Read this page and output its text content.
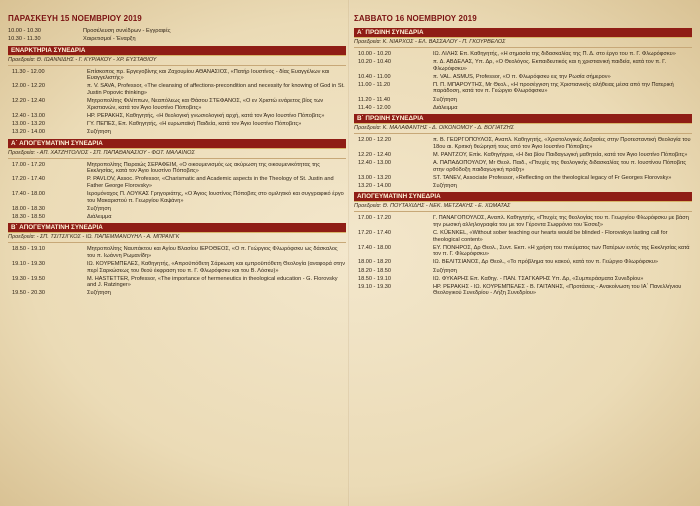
ΠΑΡΑΣΚΕΥΗ 15 ΝΟΕΜΒΡΙΟΥ 2019
10.00 - 10.30	Προσέλευση συνέδρων - Εγγραφές
10.30 - 11.30	Χαιρετισμοί - Έναρξη
ΕΝΑΡΚΤΗΡΙΑ ΣΥΝΕΔΡΙΑ
Προεδρεία: Θ. ΙΩΑΝΝΙΔΗΣ - Γ. ΚΥΡΙΑΚΟΥ - ΧΡ. ΕΥΣΤΑΘΙΟΥ
11.30 - 12.00	Επίσκοπος πρ. Εργεγοβίνης και Ζαχουμίου ΑΘΑΝΑΣΙΟΣ, «Πατήρ Ιουστίνος - δίας Ευαγγέλιων και Ευαγγελιστής»
12.00 - 12.20	π. V. SAVA, Professor, «The cleansing of affections-precondition and necessity for knowing of God in St. Justin Popovic thinking»
12.20 - 12.40	Μητροπολίτης Φιλίππων, Νεαπόλεως και Θάσου ΣΤΕΦΑΝΟΣ, «Ο εν Χριστώ ενάρετος βίος των Χριστιανών, κατά τον Άγιο Ιουστίνο Πόποβιτς»
12.40 - 13.00	ΗΡ. ΡΕΡΑΚΗΣ, Καθηγητής, «Η θεολογική γνωσιολογική αρχή, κατά τον Άγιο Ιουστίνο Πόποβιτς»
13.00 - 13.20	ΓΥ. ΠΕΠΕΣ, Επ. Καθηγητής, «Η ευρωπαϊκή Παιδεία, κατά τον Άγιο Ιουστίνο Πόποβιτς»
13.20 - 14.00	Συζήτηση
Α΄ ΑΠΟΓΕΥΜΑΤΙΝΗ ΣΥΝΕΔΡΙΑ
Προεδρεία: - ΑΠ. ΧΑΤΖΗΤΟΛΙΟΣ - ΣΠ. ΠΑΠΑΘΑΝΑΣΙΟΥ - ΦΩΤ. ΜΑΛΑΙΝΟΣ
17.00 - 17.20	Μητροπολίτης Πειραιώς ΣΕΡΑΦΕΙΜ, «Ο οικουμενισμός ως ακύρωση της οικουμενικότητας της Εκκλησίας, κατά τον Άγιο Ιουστίνο Πόποβιτς»
17.20 - 17.40	P. PAVLOV, Assoc. Professor, «Charismatic and Academic aspects in the Theology of St. Justin and Father George Florovsky»
17.40 - 18.00	Ιερομόναχος Π. ΛΟΥΚΑΣ Γρηγοριάτης, «Ο Άγιος Ιουστίνος Πόποβιτς στο ομιλητικό και συγγραφικό έργο του Μακαριστού π. Γεωργίου Καψάνη»
18.00 - 18.30	Συζήτηση
18.30 - 18.50	Διάλειμμα
Β΄ ΑΠΟΓΕΥΜΑΤΙΝΗ ΣΥΝΕΔΡΙΑ
Προεδρεία: - ΣΠ. ΤΣΙΤΣΙΓΚΟΣ - ΙΩ. ΠΑΠΕΜΜΑΝΟΥΗΛ - Α. ΜΠΡΑΝΓΚ
18.50 - 19.10	Μητροπολίτης Ναυπάκτου και Αγίου Βλασίου ΙΕΡΟΘΕΟΣ, «Ο π. Γεώργιος Φλωρόφσκυ ως δάσκαλος του π. Ιωάννη Ρωμανίδη»
19.10 - 19.30	ΙΩ. ΚΟΥΡΕΜΠΕΛΕΣ, Καθηγητής, «Απροϋπόθετη Σάρκωση και εμπροϋπόθετη Θεολογία (αναφορά στην περί Σαρκώσεως του θεού έκφραση του π. Γ. Φλωρόφσκυ και του Β. Λόσκυ)»
19.30 - 19.50	M. HASTETTER, Professor, «The importance of hermeneutics in theological education - G. Florovsky and J. Ratzinger»
19.50 - 20.30	Συζήτηση
ΣΑΒΒΑΤΟ 16 ΝΟΕΜΒΡΙΟΥ 2019
Α΄ ΠΡΩΙΝΗ ΣΥΝΕΔΡΙΑ
Προεδρεία: Κ. ΝΙΑΡΧΟΣ - ΕΛ. ΒΑΣΣΑΛΟΥ - Π. ΓΚΟΥΡΒΕΛΟΣ
10.00 - 10.20	ΙΩ. ΛΙΛΗΣ Επ. Καθηγητής, «Η σημασία της διδασκαλίας της Π. Δ. στο έργο του π. Γ. Φλωρόφσκυ»
10.20 - 10.40	π. Δ. ΑΒΔΕΛΑΣ, Υπ. Δρ, «Ο Θεολόγος. Εκπαιδευτικός και η χριστιανική παιδεία, κατά τον π. Γ. Φλωρόφσκυ»
10.40 - 11.00	π. VAL. ASMUS, Professor, «Ο π. Φλωρόφσκυ εις την Ρωσία σήμερον»
11.00 - 11.20	Π. Π. ΜΠΑΡΟΥΤΗΣ, Μr Θεολ., «Η προσέγγιση της Χριστιανικής αλήθειας μέσα από την Πατερική παράδοση, κατά τον π. Γεώργιο Φλωρόφσκυ»
11.20 - 11.40	Συζήτηση
11.40 - 12.00	Διάλειμμα
Β΄ ΠΡΩΙΝΗ ΣΥΝΕΔΡΙΑ
Προεδρεία: Κ. ΜΑΛΑΦΑΝΤΗΣ - Δ. ΟΙΚΟΝΟΜΟΥ - Δ. ΒΟΓΙΑΤΖΗΣ
12.00 - 12.20	π. Β. ΓΕΩΡΓΟΠΟΥΛΟΣ, Αναπλ. Καθηγητής, «Χριστολογικές Δοξασίες στην Προτεσταντική Θεολογία του 18ου αι. Κριτική θεώρησή τους από τον Άγιο Ιουστίνο Πόποβιτς»
12.20 - 12.40	Μ. PANTZOY, Επίκ. Καθηγήτρια, «Η δια βίου Παιδαγωγική μαθητεία, κατά τον Άγιο Ιουστίνο Πόποβιτς»
12.40 - 13.00	Α. ΠΑΠΑΔΟΠΟΥΛΟΥ, Μr Θεολ. Παιδ., «Πτυχές της θεολογικής διδασκαλίας του π. Ιουστίνου Πόποβιτς στην ορθόδοξη παιδαγωγική πράξη»
13.00 - 13.20	ST. TANEV, Associate Professor, «Reflecting on the theological legacy of Fr Georges Florovsky»
13.20 - 14.00	Συζήτηση
ΑΠΟΓΕΥΜΑΤΙΝΗ ΣΥΝΕΔΡΙΑ
Προεδρεία: Θ. ΠΟΥΤΑΧΙΔΗΣ - ΝΕΚ. ΜΕΤΖΑΚΗΣ - Ε. ΧΩΜΑΤΑΣ
17.00 - 17.20	Γ. ΠΑΝΑΓΟΠΟΥΛΟΣ, Αναπλ. Καθηγητής, «Πτυχές της θεολογίας του π. Γεωργίου Φλωρόφσκυ με βάση την ρωσική αλληλογραφία του με τον Γέροντα Σωφρόνιο του Έσσεξ»
17.20 - 17.40	C. KÜENKEL, «Without sober teaching our hearts would be blinded - Florovskys lasting call for theological content»
17.40 - 18.00	ΕΥ. ΠΟΝΗΡΟΣ, Δρ Θεολ., Συντ. Εκπ. «Η χρήση του πνεύματος των Πατέρων εντός της Εκκλησίας κατά τον π. Γ. Φλωρόφσκυ»
18.00 - 18.20	ΙΩ. ΒΕΛΙΤΣΙΑΝΟΣ, Δρ Θεολ., «Το πρόβλημα του κακού, κατά τον π. Γεώργιο Φλωρόφσκυ»
18.20 - 18.50	Συζήτηση
18.50 - 19.10	ΙΩ. ΦΥΚΑΡΗΣ Επ. Καθηγ. - ΠΑΝ. ΤΣΑΓΚΑΡΗΣ Υπ. Δρ, «Συμπεράσματα Συνεδρίου»
19.10 - 19.30	ΗΡ. ΡΕΡΑΚΗΣ - ΙΩ. ΚΟΥΡΕΜΠΕΛΕΣ - Β. ΓΑΙΤΑΝΗΣ, «Προτάσεις - Ανακοίνωση του ΙΑ΄ Πανελλήνιου Θεολογικού Συνεδρίου - Λήξη Συνεδρίου»
